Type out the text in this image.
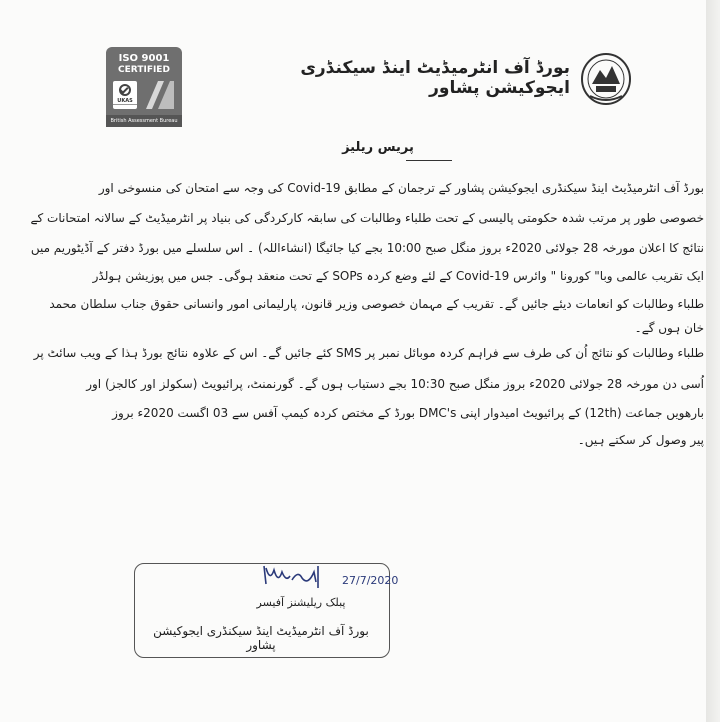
ISO 9001
CERTIFIED
UKAS
British Assessment Bureau
بورڈ آف انٹرمیڈیٹ اینڈ سیکنڈری ایجوکیشن پشاور
پریس ریلیز
بورڈ آف انٹرمیڈیٹ اینڈ سیکنڈری ایجوکیشن پشاور کے ترجمان کے مطابق Covid-19 کی وجہ سے امتحان کی منسوخی اور
خصوصی طور پر مرتب شدہ حکومتی پالیسی کے تحت طلباء وطالبات کی سابقہ کارکردگی کی بنیاد پر انٹرمیڈیٹ کے سالانہ امتحانات کے
نتائج کا اعلان مورخہ 28 جولائی 2020ء بروز منگل صبح 10:00 بجے کیا جائیگا (انشاءاللہ) ۔ اس سلسلے میں بورڈ دفتر کے آڈیٹوریم میں
ایک تقریب عالمی وبا" کورونا " وائرس Covid-19 کے لئے وضع کردہ SOPs کے تحت منعقد ہوگی۔ جس میں پوزیشن ہولڈر
طلباء وطالبات کو انعامات دیئے جائیں گے۔ تقریب کے مہمان خصوصی وزیر قانون، پارلیمانی امور وانسانی حقوق جناب سلطان محمد
خان ہوں گے۔
طلباء وطالبات کو نتائج اُن کی طرف سے فراہم کردہ موبائل نمبر پر SMS کئے جائیں گے۔ اس کے علاوہ نتائج بورڈ ہذا کے ویب سائٹ پر
اُسی دن مورخہ 28 جولائی 2020ء بروز منگل صبح 10:30 بجے دستیاب ہوں گے۔ گورنمنٹ، پرائیویٹ (سکولز اور کالجز) اور
بارھویں جماعت (12th) کے پرائیویٹ امیدوار اپنی DMC's بورڈ کے مختص کردہ کیمپ آفس سے 03 اگست 2020ء بروز
پیر وصول کر سکتے ہیں۔
27/7/2020
پبلک ریلیشنز آفیسر
بورڈ آف انٹرمیڈیٹ اینڈ سیکنڈری ایجوکیشن پشاور
